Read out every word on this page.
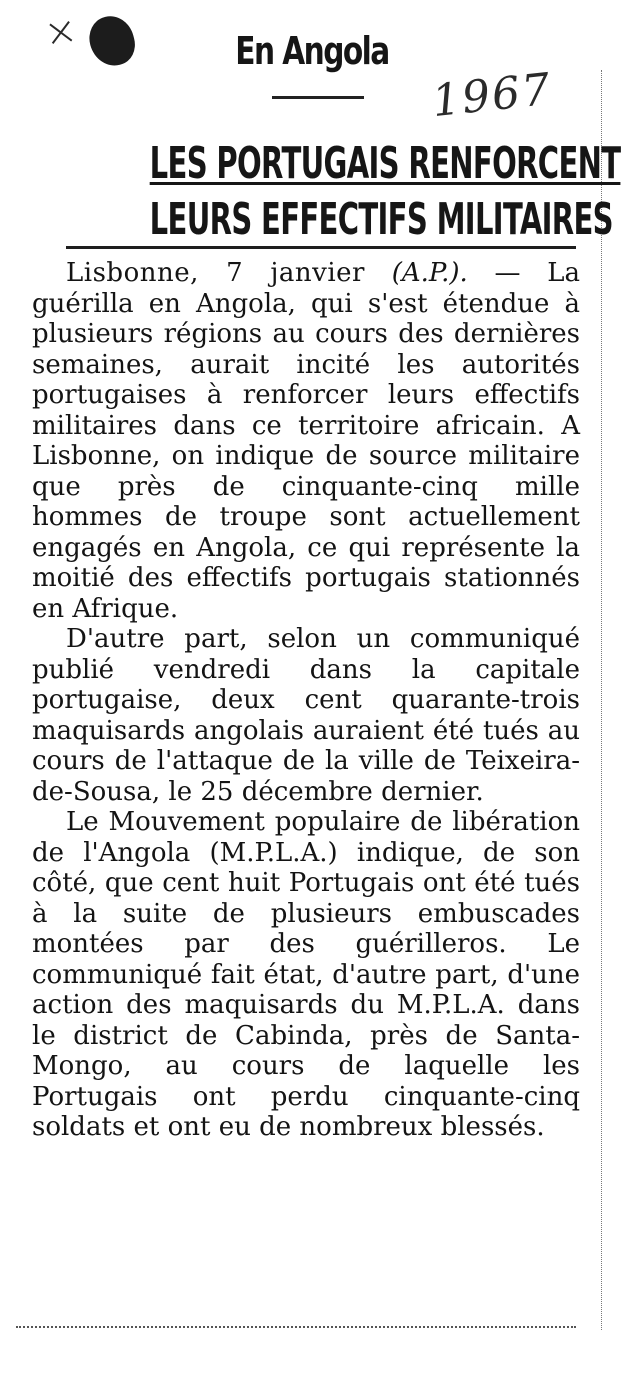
×	En Angola
1967
LES PORTUGAIS RENFORCENT
LEURS EFFECTIFS MILITAIRES

Lisbonne, 7 janvier (A.P.). — La guérilla en Angola, qui s'est étendue à plusieurs régions au cours des dernières semaines, aurait incité les autorités portugaises à renforcer leurs effectifs militaires dans ce territoire africain. A Lisbonne, on indique de source militaire que près de cinquante-cinq mille hommes de troupe sont actuellement engagés en Angola, ce qui représente la moitié des effectifs portugais stationnés en Afrique.

D'autre part, selon un communiqué publié vendredi dans la capitale portugaise, deux cent quarante-trois maquisards angolais auraient été tués au cours de l'attaque de la ville de Teixeira-de-Sousa, le 25 décembre dernier.

Le Mouvement populaire de libération de l'Angola (M.P.L.A.) indique, de son côté, que cent huit Portugais ont été tués à la suite de plusieurs embuscades montées par des guérilleros. Le communiqué fait état, d'autre part, d'une action des maquisards du M.P.L.A. dans le district de Cabinda, près de Santa-Mongo, au cours de laquelle les Portugais ont perdu cinquante-cinq soldats et ont eu de nombreux blessés.
